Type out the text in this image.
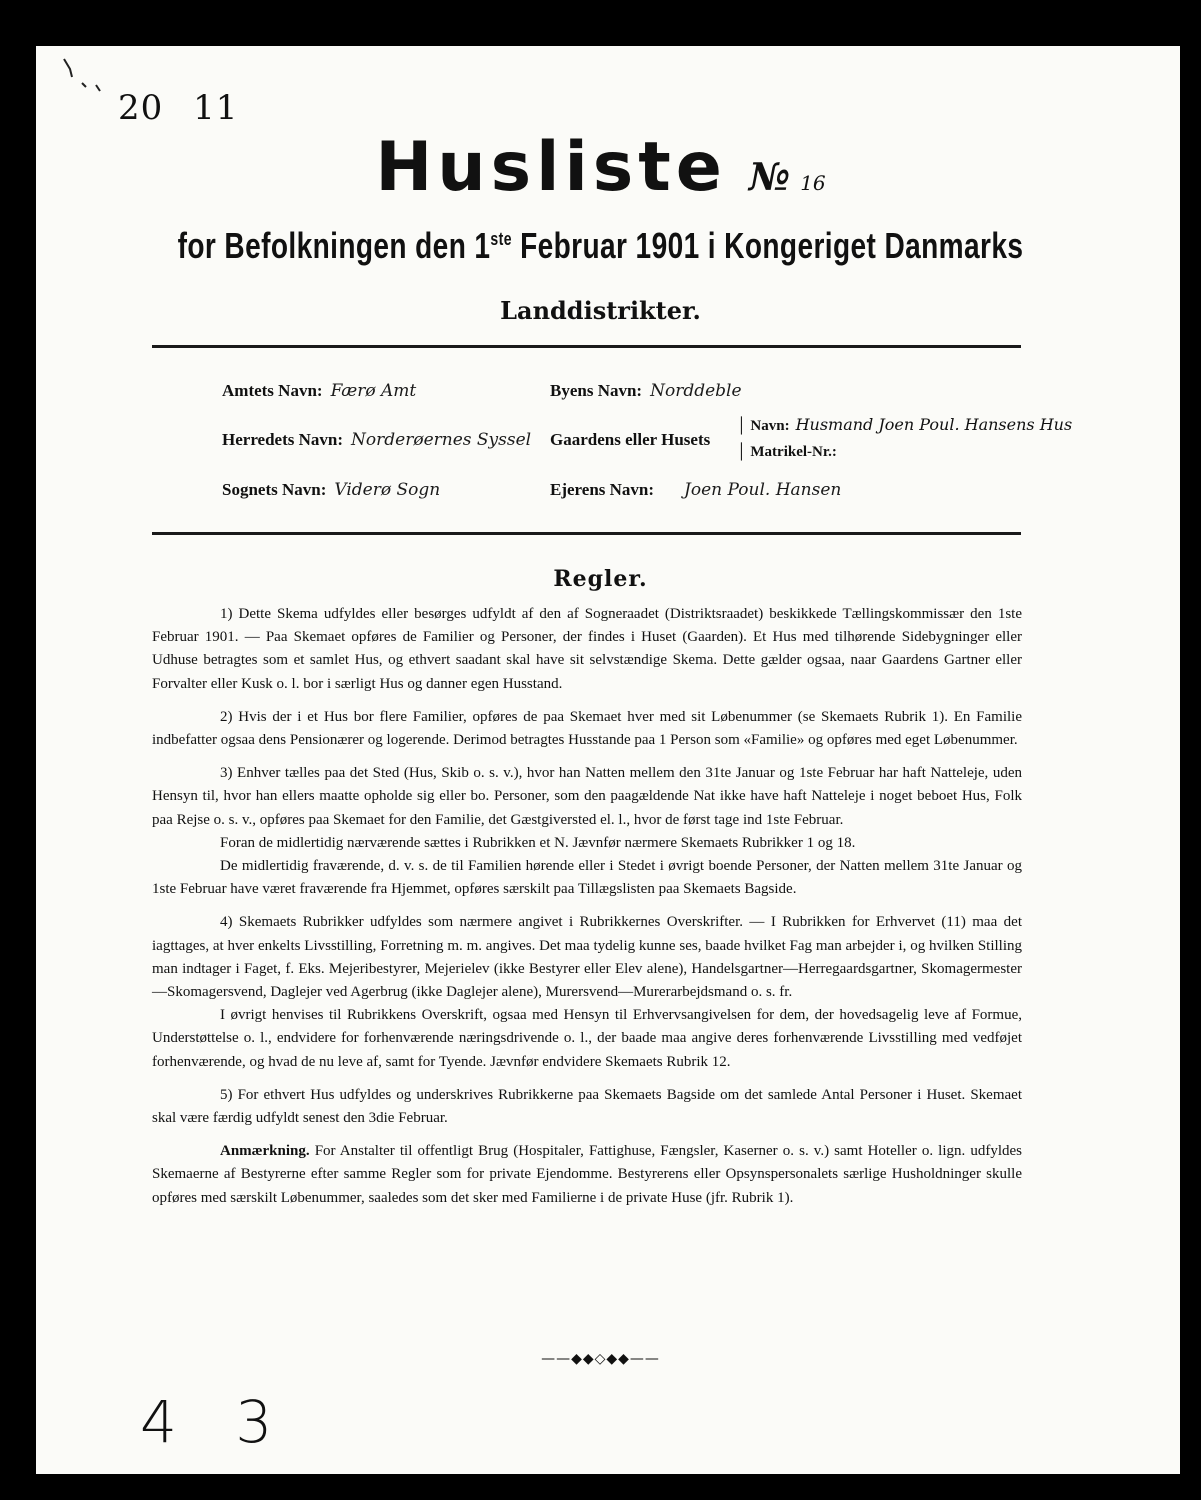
20 11
Husliste № 16
for Befolkningen den 1ste Februar 1901 i Kongeriget Danmarks
Landdistrikter.
Amtets Navn: Færø Amt	Byens Navn: Norddeble
Herredets Navn: Norderøernes Syssel Gaardens eller Husets
│ Navn: Husmand Joen Poul. Hansens Hus
│ Matrikel-Nr.:
Sognets Navn: Viderø Sogn	Ejerens Navn: Joen Poul. Hansen
Regler.

1) Dette Skema udfyldes eller besørges udfyldt af den af Sogneraadet (Distriktsraadet) beskikkede Tællingskommissær den 1ste Februar 1901. — Paa Skemaet opføres de Familier og Personer, der findes i Huset (Gaarden). Et Hus med tilhørende Sidebygninger eller Udhuse betragtes som et samlet Hus, og ethvert saadant skal have sit selvstændige Skema. Dette gælder ogsaa, naar Gaardens Gartner eller Forvalter eller Kusk o. l. bor i særligt Hus og danner egen Husstand.

2) Hvis der i et Hus bor flere Familier, opføres de paa Skemaet hver med sit Løbenummer (se Skemaets Rubrik 1). En Familie indbefatter ogsaa dens Pensionærer og logerende. Derimod betragtes Husstande paa 1 Person som «Familie» og opføres med eget Løbenummer.

3) Enhver tælles paa det Sted (Hus, Skib o. s. v.), hvor han Natten mellem den 31te Januar og 1ste Februar har haft Natteleje, uden Hensyn til, hvor han ellers maatte opholde sig eller bo. Personer, som den paagældende Nat ikke have haft Natteleje i noget beboet Hus, Folk paa Rejse o. s. v., opføres paa Skemaet for den Familie, det Gæstgiversted el. l., hvor de først tage ind 1ste Februar.

Foran de midlertidig nærværende sættes i Rubrikken et N. Jævnfør nærmere Skemaets Rubrikker 1 og 18.

De midlertidig fraværende, d. v. s. de til Familien hørende eller i Stedet i øvrigt boende Personer, der Natten mellem 31te Januar og 1ste Februar have været fraværende fra Hjemmet, opføres særskilt paa Tillægslisten paa Skemaets Bagside.

4) Skemaets Rubrikker udfyldes som nærmere angivet i Rubrikkernes Overskrifter. — I Rubrikken for Erhvervet (11) maa det iagttages, at hver enkelts Livsstilling, Forretning m. m. angives. Det maa tydelig kunne ses, baade hvilket Fag man arbejder i, og hvilken Stilling man indtager i Faget, f. Eks. Mejeribestyrer, Mejerielev (ikke Bestyrer eller Elev alene), Handelsgartner—Herregaardsgartner, Skomagermester—Skomagersvend, Daglejer ved Agerbrug (ikke Daglejer alene), Murersvend—Murerarbejdsmand o. s. fr.

I øvrigt henvises til Rubrikkens Overskrift, ogsaa med Hensyn til Erhvervsangivelsen for dem, der hovedsagelig leve af Formue, Understøttelse o. l., endvidere for forhenværende næringsdrivende o. l., der baade maa angive deres forhenværende Livsstilling med vedføjet forhenværende, og hvad de nu leve af, samt for Tyende. Jævnfør endvidere Skemaets Rubrik 12.

5) For ethvert Hus udfyldes og underskrives Rubrikkerne paa Skemaets Bagside om det samlede Antal Personer i Huset. Skemaet skal være færdig udfyldt senest den 3die Februar.

Anmærkning. For Anstalter til offentligt Brug (Hospitaler, Fattighuse, Fængsler, Kaserner o. s. v.) samt Hoteller o. lign. udfyldes Skemaerne af Bestyrerne efter samme Regler som for private Ejendomme. Bestyrerens eller Opsynspersonalets særlige Husholdninger skulle opføres med særskilt Løbenummer, saaledes som det sker med Familierne i de private Huse (jfr. Rubrik 1).

——◆◆◇◆◆——
4 3
